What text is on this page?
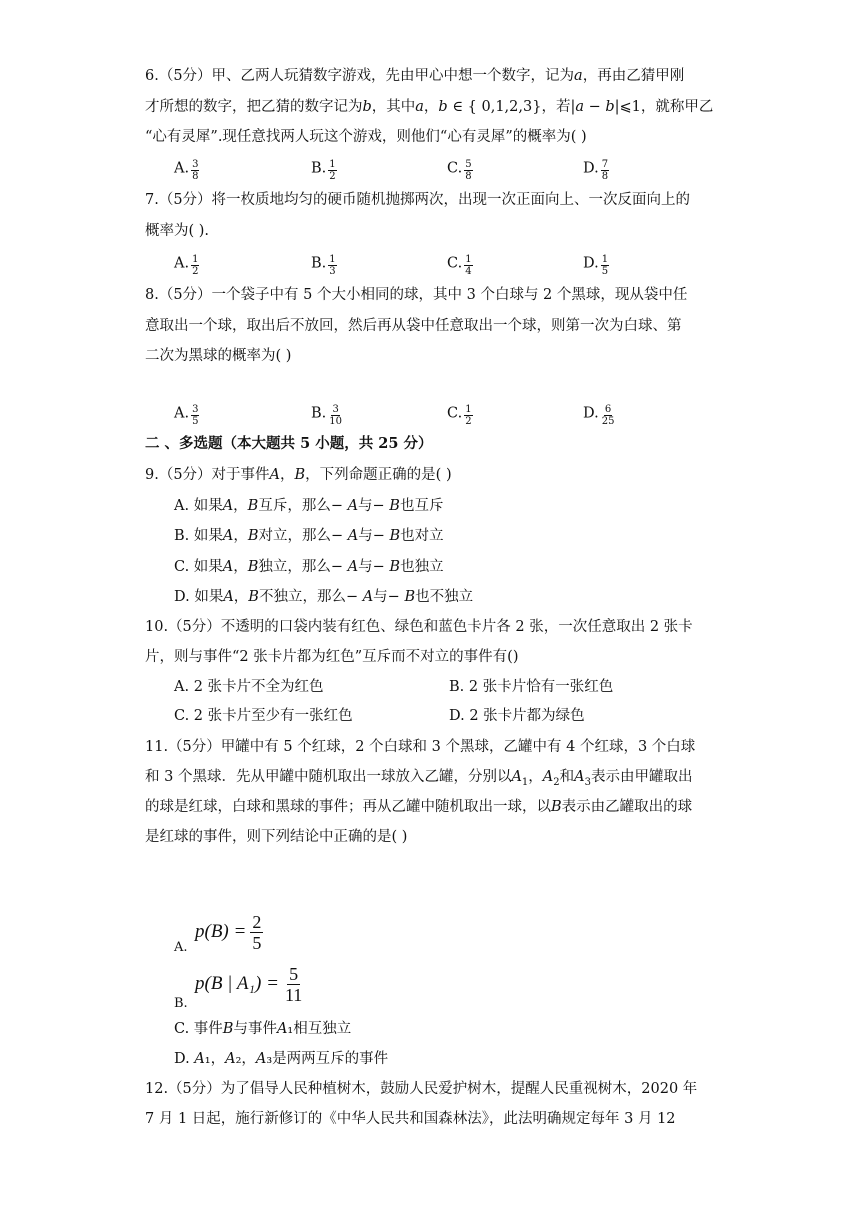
6.（5分）甲、乙两人玩猜数字游戏，先由甲心中想一个数字，记为𝑎，再由乙猜甲刚
才所想的数字，把乙猜的数字记为𝑏，其中𝑎，𝑏 ∈ { 0,1,2,3}，若|𝑎 − 𝑏|⩽1，就称甲乙
“心有灵犀”.现任意找两人玩这个游戏，则他们“心有灵犀”的概率为( )
A. $\frac{3}{8}$	B. $\frac{1}{2}$	C. $\frac{5}{8}$	D. $\frac{7}{8}$
7.（5分）将一枚质地均匀的硬币随机抛掷两次，出现一次正面向上、一次反面向上的
概率为( ).
A. $\frac{1}{2}$	B. $\frac{1}{3}$	C. $\frac{1}{4}$	D. $\frac{1}{5}$
8.（5分）一个袋子中有 5 个大小相同的球，其中 3 个白球与 2 个黑球，现从袋中任
意取出一个球，取出后不放回，然后再从袋中任意取出一个球，则第一次为白球、第
二次为黑球的概率为( )
A. $\frac{3}{5}$	B. $\frac{3}{10}$	C. $\frac{1}{2}$	D. $\frac{6}{25}$
二 、多选题（本大题共 5 小题，共 25 分）
9.（5分）对于事件𝐴，𝐵，下列命题正确的是( )
A. 如果𝐴，𝐵互斥，那么− 𝐴与− 𝐵也互斥
B. 如果𝐴，𝐵对立，那么− 𝐴与− 𝐵也对立
C. 如果𝐴，𝐵独立，那么− 𝐴与− 𝐵也独立
D. 如果𝐴，𝐵不独立，那么− 𝐴与− 𝐵也不独立
10.（5分）不透明的口袋内装有红色、绿色和蓝色卡片各 2 张，一次任意取出 2 张卡
片，则与事件“2 张卡片都为红色”互斥而不对立的事件有()
A. 2 张卡片不全为红色	B. 2 张卡片恰有一张红色
C. 2 张卡片至少有一张红色	D. 2 张卡片都为绿色
11.（5分）甲罐中有 5 个红球，2 个白球和 3 个黑球，乙罐中有 4 个红球，3 个白球
和 3 个黑球．先从甲罐中随机取出一球放入乙罐，分别以𝐴$_1$，𝐴$_2$和𝐴$_3$表示由甲罐取出
的球是红球，白球和黑球的事件；再从乙罐中随机取出一球，以𝐵表示由乙罐取出的球
是红球的事件，则下列结论中正确的是( )
A.
$p(B) = \frac{2}{5}$
B.
p(B | $A_1) = \frac{5}{11}$
C. 事件𝐵与事件𝐴₁相互独立
D. 𝐴₁，𝐴₂，𝐴₃是两两互斥的事件
12.（5分）为了倡导人民种植树木，鼓励人民爱护树木，提醒人民重视树木，2020 年
7 月 1 日起，施行新修订的《中华人民共和国森林法》，此法明确规定每年 3 月 12
